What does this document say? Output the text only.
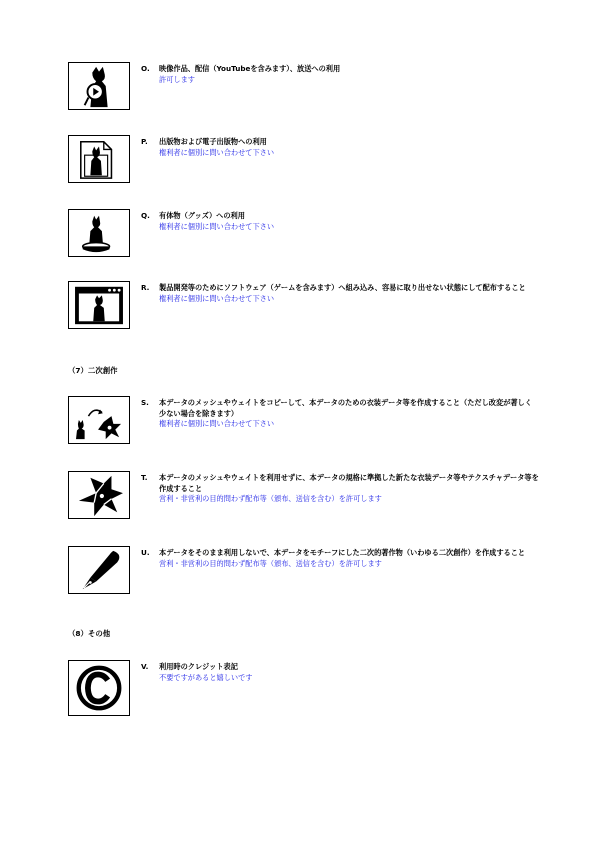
O. 映像作品、配信（YouTubeを含みます）、放送への利用
許可します
P. 出版物および電子出版物への利用
権利者に個別に問い合わせて下さい
Q. 有体物（グッズ）への利用
権利者に個別に問い合わせて下さい
R. 製品開発等のためにソフトウェア（ゲームを含みます）へ組み込み、容易に取り出せない状態にして配布すること
権利者に個別に問い合わせて下さい
（7）二次創作
S. 本データのメッシュやウェイトをコピーして、本データのための衣装データ等を作成すること（ただし改変が著しく少ない場合を除きます）
権利者に個別に問い合わせて下さい
T. 本データのメッシュやウェイトを利用せずに、本データの規格に準拠した新たな衣装データ等やテクスチャデータ等を作成すること
営利・非営利の目的問わず配布等（頒布、送信を含む）を許可します
U. 本データをそのまま利用しないで、本データをモチーフにした二次的著作物（いわゆる二次創作）を作成すること
営利・非営利の目的問わず配布等（頒布、送信を含む）を許可します
（8）その他
V. 利用時のクレジット表記
不要ですがあると嬉しいです
